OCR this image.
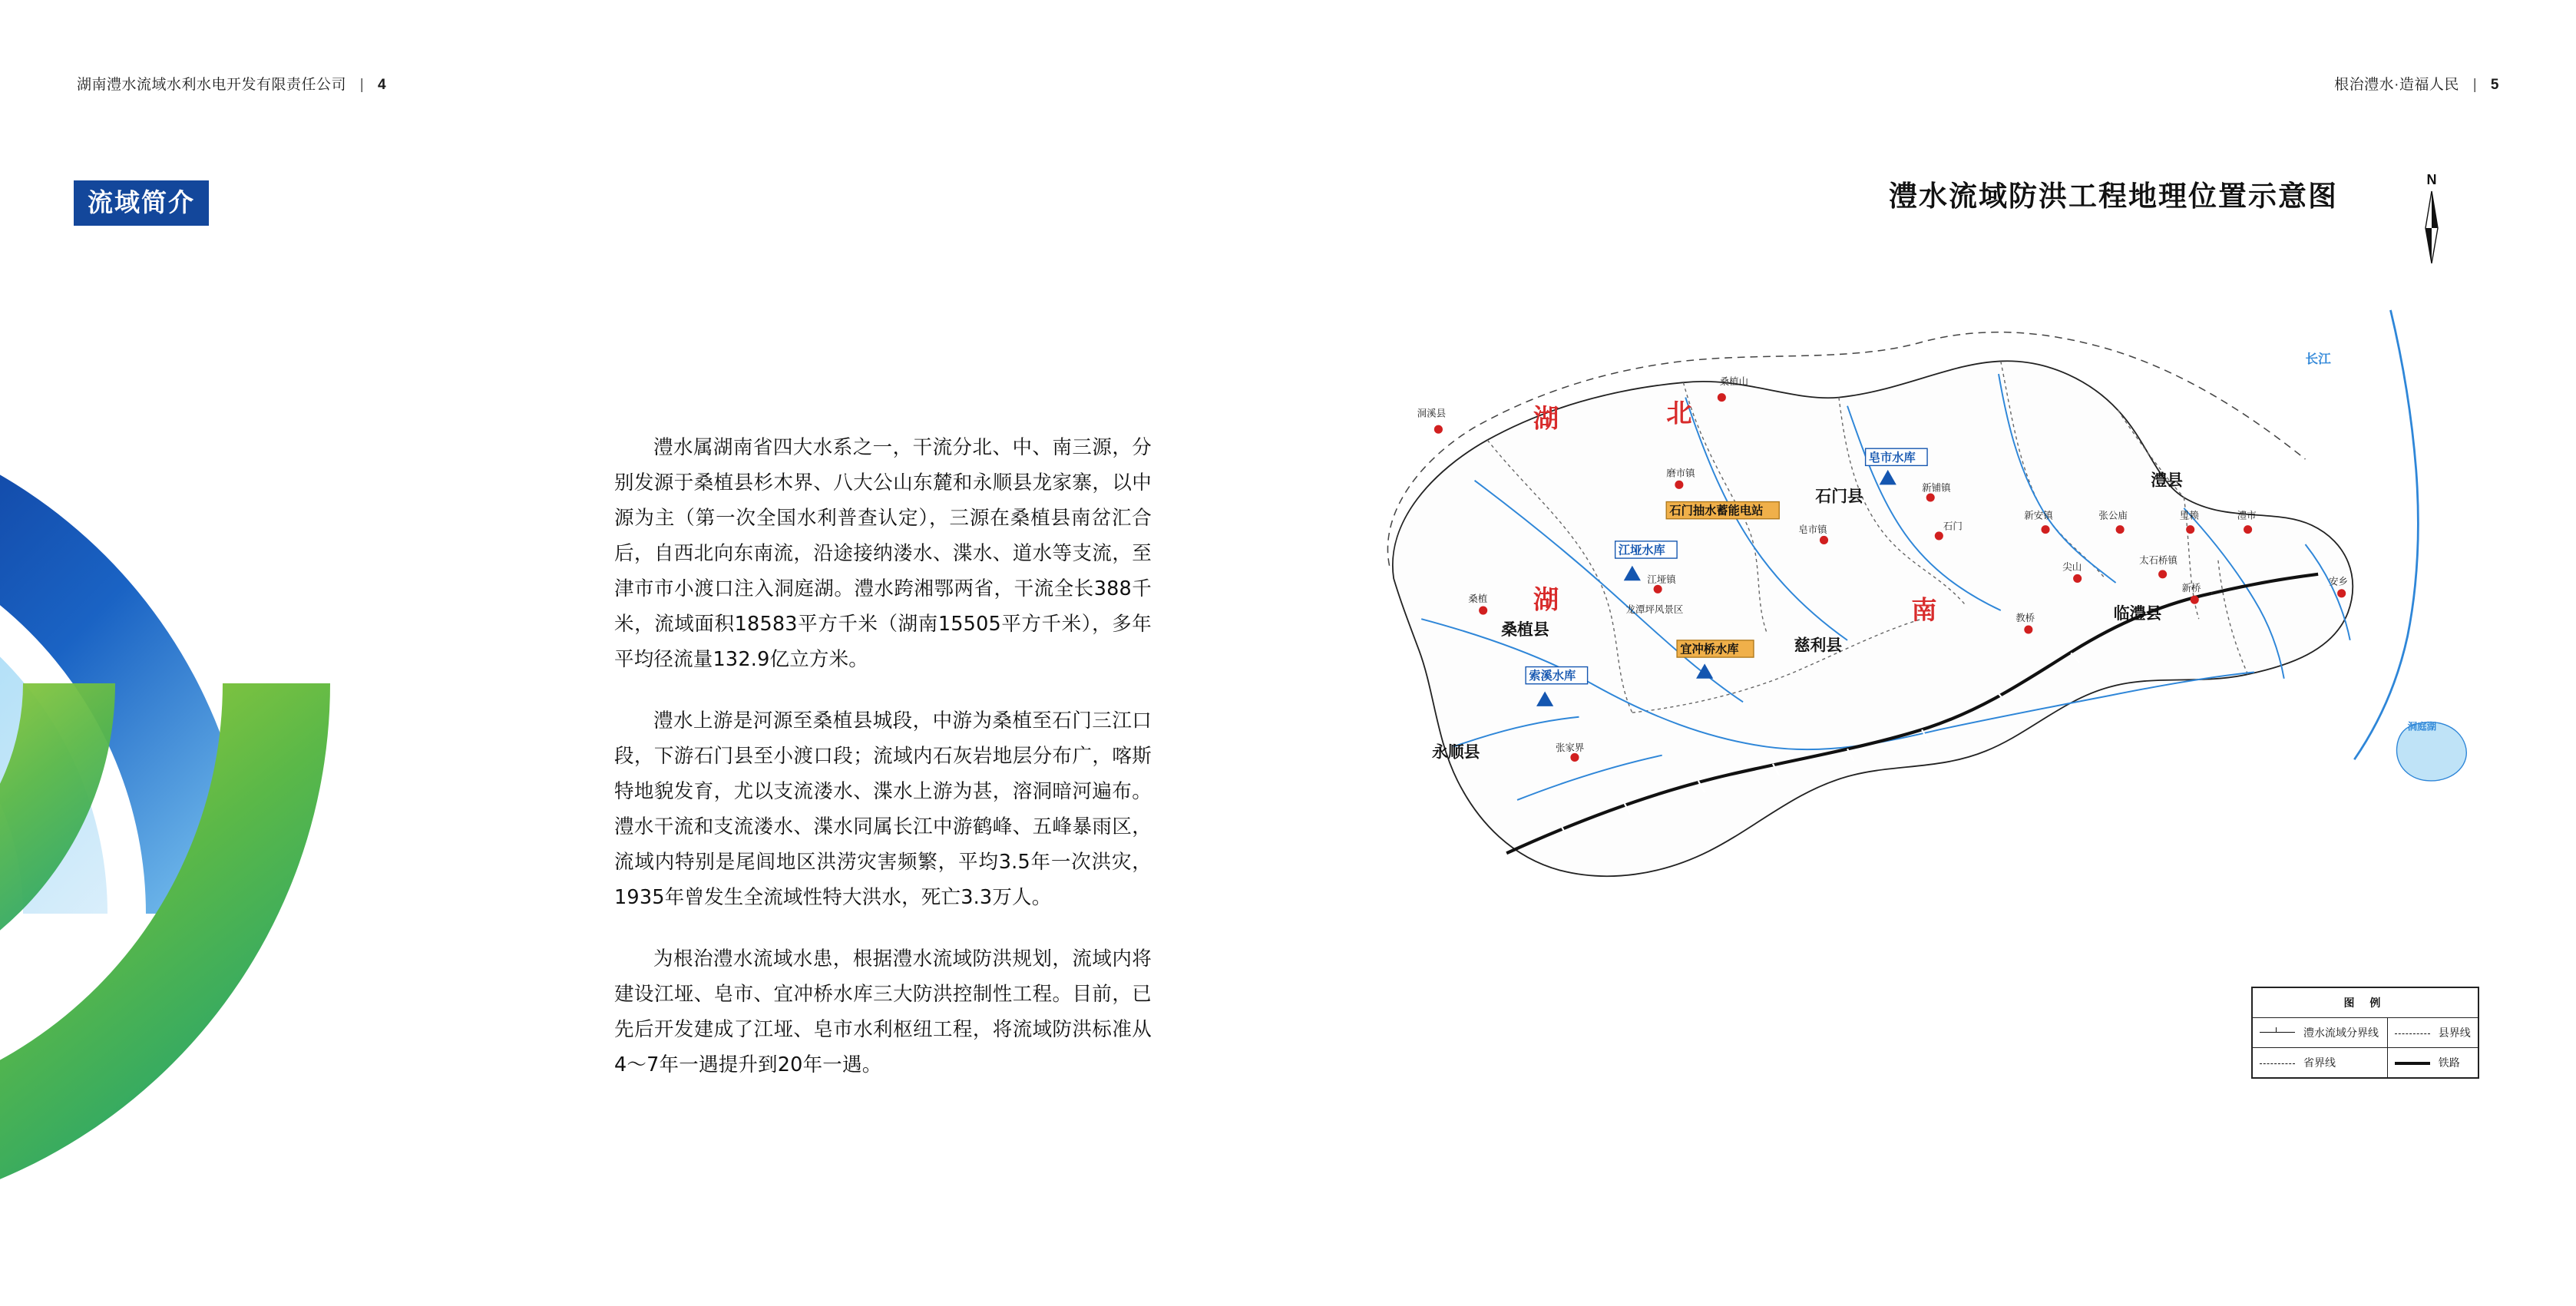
湖南澧水流域水利水电开发有限责任公司 | 4
流域简介

澧水属湖南省四大水系之一，干流分北、中、南三源，分别发源于桑植县杉木界、八大公山东麓和永顺县龙家寨，以中源为主（第一次全国水利普查认定），三源在桑植县南岔汇合后，自西北向东南流，沿途接纳溇水、渫水、道水等支流，至津市市小渡口注入洞庭湖。澧水跨湘鄂两省，干流全长388千米，流域面积18583平方千米（湖南15505平方千米），多年平均径流量132.9亿立方米。

澧水上游是河源至桑植县城段，中游为桑植至石门三江口段，下游石门县至小渡口段；流域内石灰岩地层分布广，喀斯特地貌发育，尤以支流溇水、渫水上游为甚，溶洞暗河遍布。澧水干流和支流溇水、渫水同属长江中游鹤峰、五峰暴雨区，流域内特别是尾闾地区洪涝灾害频繁，平均3.5年一次洪灾，1935年曾发生全流域性特大洪水，死亡3.3万人。

为根治澧水流域水患，根据澧水流域防洪规划，流域内将建设江垭、皂市、宜冲桥水库三大防洪控制性工程。目前，已先后开发建成了江垭、皂市水利枢纽工程，将流域防洪标准从4～7年一遇提升到20年一遇。

根治澧水·造福人民 | 5
澧水流域防洪工程地理位置示意图
N
湖	北
湖	南
石门县
澧县
临澧县
桑植县
慈利县
永顺县
皂市水库
江垭水库
宜冲桥水库
索溪水库
石门抽水蓄能电站
桑植山
洞溪县
磨市镇
新铺镇
皂市镇	石门
新安镇	张公庙	里赖	澧市
江垭镇
尖山
太石桥镇
安乡
桑植
龙潭坪风景区
教桥
新桥
张家界
长江
洞庭湖
图 例	

澧水流域分界线	县界线

省界线	铁路
